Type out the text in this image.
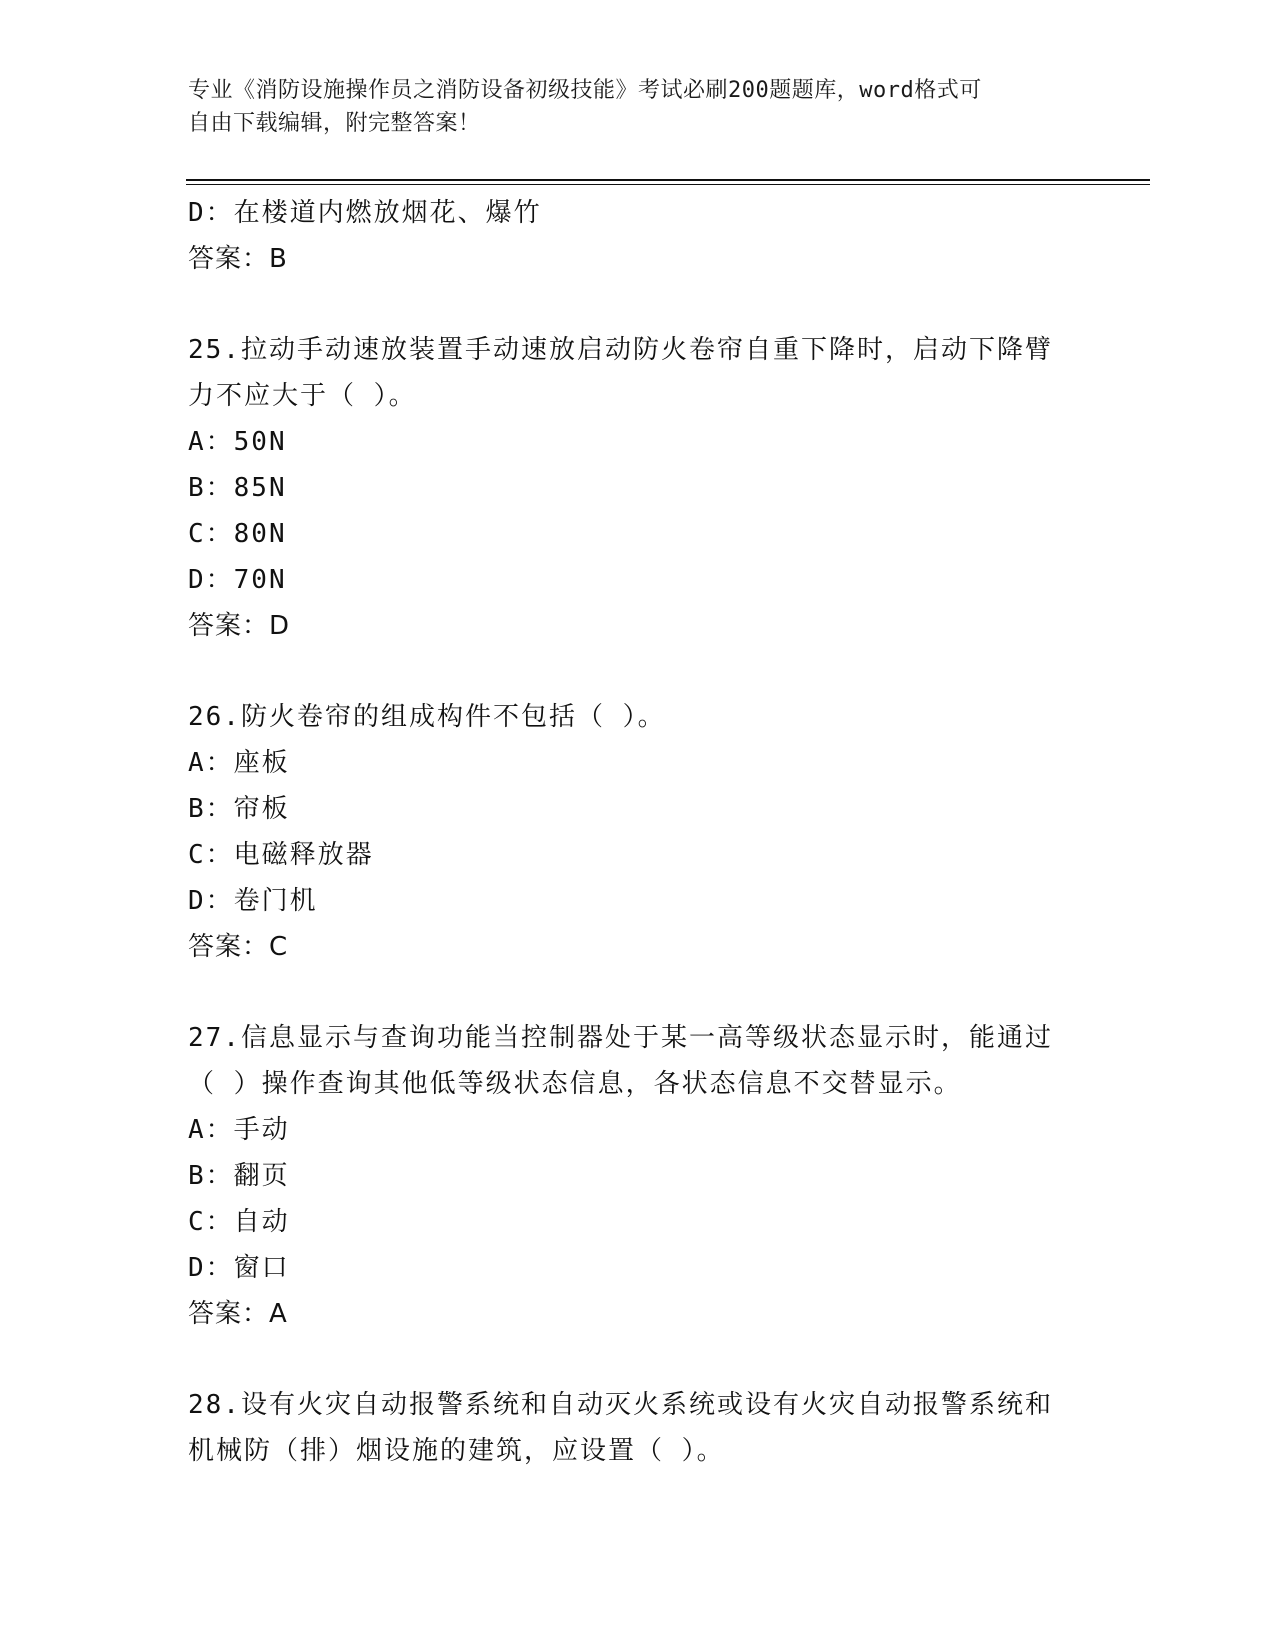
专业《消防设施操作员之消防设备初级技能》考试必刷200题题库，word格式可
自由下载编辑，附完整答案！
D：在楼道内燃放烟花、爆竹
答案：B
25.拉动手动速放装置手动速放启动防火卷帘自重下降时，启动下降臂
力不应大于（ ）。
A：50N
B：85N
C：80N
D：70N
答案：D
26.防火卷帘的组成构件不包括（ ）。
A：座板
B：帘板
C：电磁释放器
D：卷门机
答案：C
27.信息显示与查询功能当控制器处于某一高等级状态显示时，能通过
（ ）操作查询其他低等级状态信息，各状态信息不交替显示。
A：手动
B：翻页
C：自动
D：窗口
答案：A
28.设有火灾自动报警系统和自动灭火系统或设有火灾自动报警系统和
机械防（排）烟设施的建筑，应设置（ ）。
